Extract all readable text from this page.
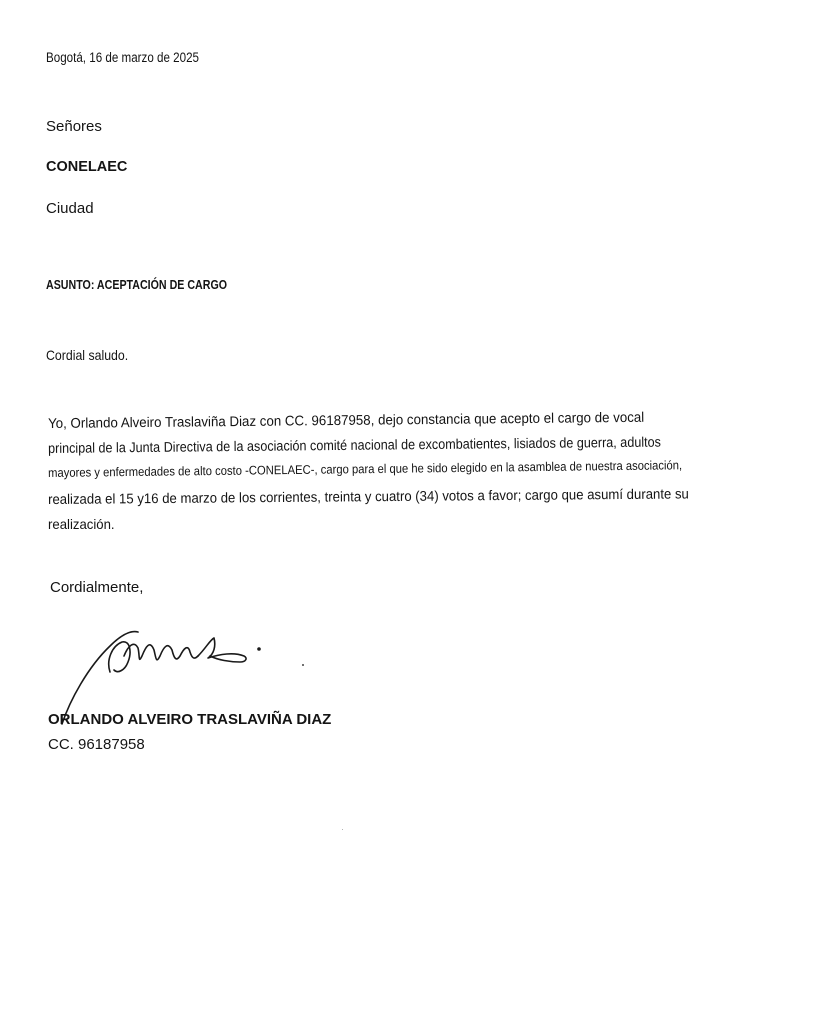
Bogotá, 16 de marzo de 2025
Señores
CONELAEC
Ciudad
ASUNTO: ACEPTACIÓN DE CARGO
Cordial saludo.
Yo, Orlando Alveiro Traslaviña Diaz con CC. 96187958, dejo constancia que acepto el cargo de vocal
principal de la Junta Directiva de la asociación comité nacional de excombatientes, lisiados de guerra, adultos
mayores y enfermedades de alto costo -CONELAEC-, cargo para el que he sido elegido en la asamblea de nuestra asociación,
realizada el 15 y16 de marzo de los corrientes, treinta y cuatro (34) votos a favor; cargo que asumí durante su
realización.
Cordialmente,
ORLANDO ALVEIRO TRASLAVIÑA DIAZ
CC. 96187958
